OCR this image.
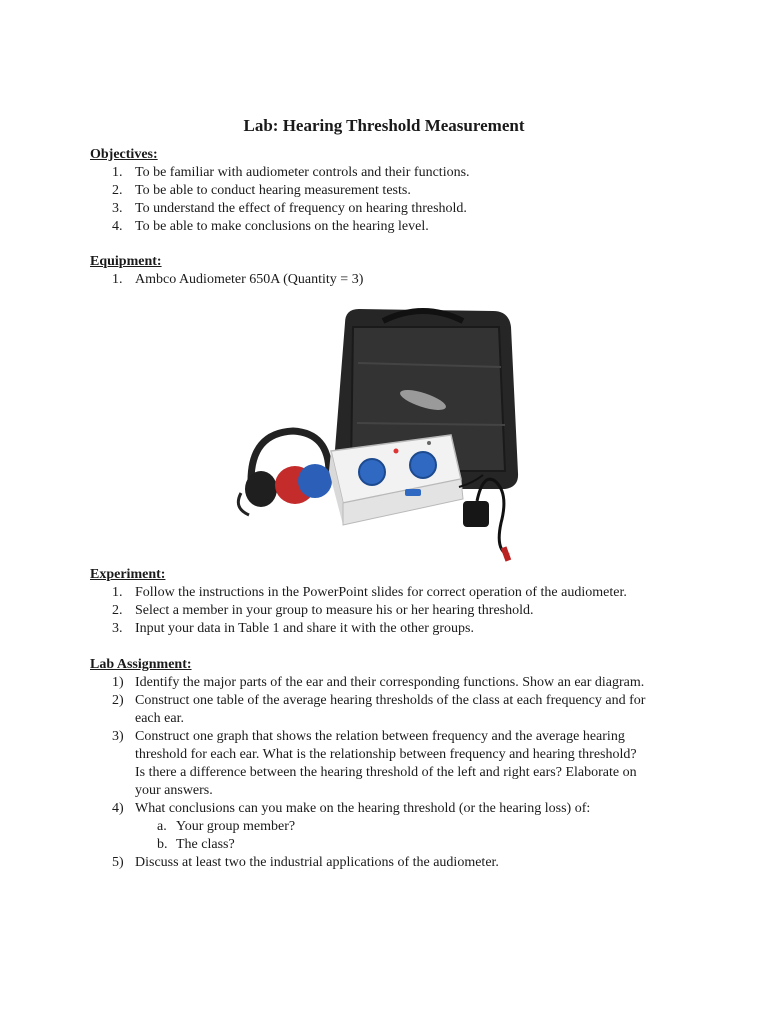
Lab: Hearing Threshold Measurement

Objectives:

1. To be familiar with audiometer controls and their functions.
2. To be able to conduct hearing measurement tests.
3. To understand the effect of frequency on hearing threshold.
4. To be able to make conclusions on the hearing level.

Equipment:

1. Ambco Audiometer 650A (Quantity = 3)

Experiment:

1. Follow the instructions in the PowerPoint slides for correct operation of the audiometer.
2. Select a member in your group to measure his or her hearing threshold.
3. Input your data in Table 1 and share it with the other groups.

Lab Assignment:

1) Identify the major parts of the ear and their corresponding functions. Show an ear diagram.
2) Construct one table of the average hearing thresholds of the class at each frequency and for
each ear.
3) Construct one graph that shows the relation between frequency and the average hearing
threshold for each ear. What is the relationship between frequency and hearing threshold?
Is there a difference between the hearing threshold of the left and right ears? Elaborate on
your answers.
4) What conclusions can you make on the hearing threshold (or the hearing loss) of:
a. Your group member?
b. The class?
5) Discuss at least two the industrial applications of the audiometer.
